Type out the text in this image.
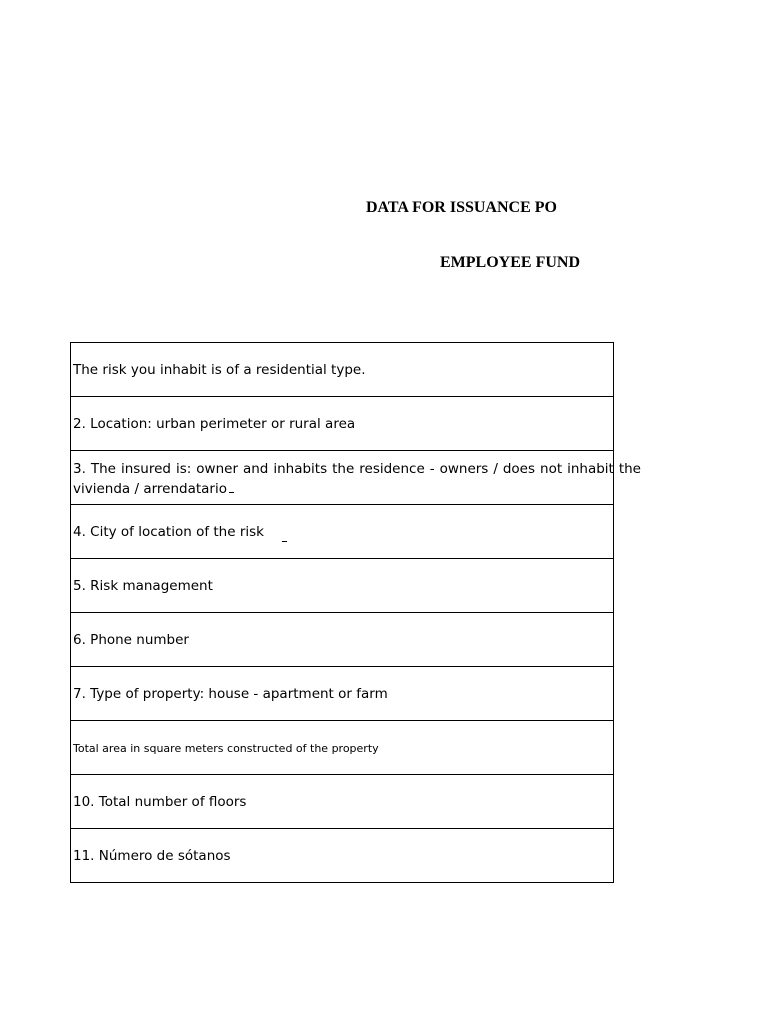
DATA FOR ISSUANCE PO
EMPLOYEE FUND
The risk you inhabit is of a residential type.
2. Location: urban perimeter or rural area
3. The insured is: owner and inhabits the residence - owners / does not inhabit the vivienda / arrendatario
4. City of location of the risk
5. Risk management
6. Phone number
7. Type of property: house - apartment or farm
Total area in square meters constructed of the property
10. Total number of floors
11. Número de sótanos
